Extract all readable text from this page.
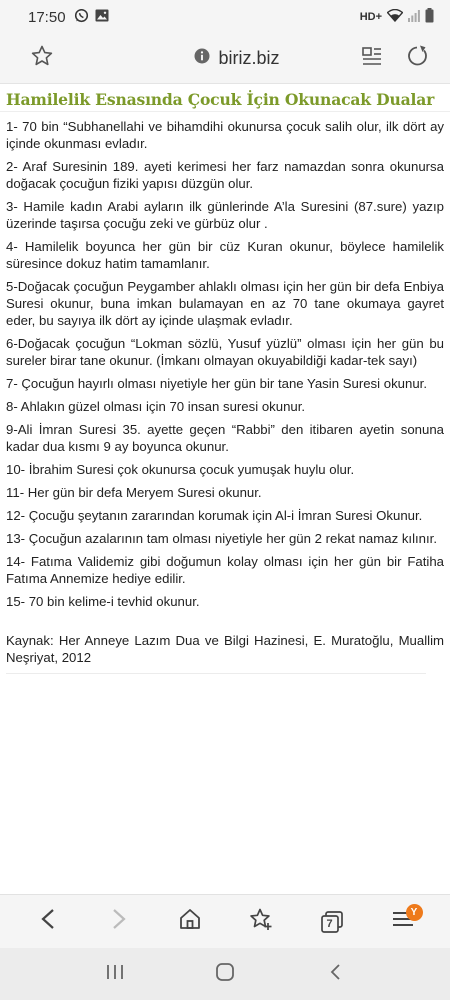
17:50	HD+
biriz.biz
Hamilelik Esnasında Çocuk İçin Okunacak Dualar

1- 70 bin “Subhanellahi ve bihamdihi okunursa çocuk salih olur, ilk dört ay içinde okunması evladır.

2- Araf Suresinin 189. ayeti kerimesi her farz namazdan sonra okunursa doğacak çocuğun fiziki yapısı düzgün olur.

3- Hamile kadın Arabi ayların ilk günlerinde A’la Suresini (87.sure) yazıp üzerinde taşırsa çocuğu zeki ve gürbüz olur .

4- Hamilelik boyunca her gün bir cüz Kuran okunur, böylece hamilelik süresince dokuz hatim tamamlanır.

5-Doğacak çocuğun Peygamber ahlaklı olması için her gün bir defa Enbiya Suresi okunur, buna imkan bulamayan en az 70 tane okumaya gayret eder, bu sayıya ilk dört ay içinde ulaşmak evladır.

6-Doğacak çocuğun “Lokman sözlü, Yusuf yüzlü” olması için her gün bu sureler birar tane okunur. (İmkanı olmayan okuyabildiği kadar-tek sayı)

7- Çocuğun hayırlı olması niyetiyle her gün bir tane Yasin Suresi okunur.

8- Ahlakın güzel olması için 70 insan suresi okunur.

9-Ali İmran Suresi 35. ayette geçen “Rabbi” den itibaren ayetin sonuna kadar dua kısmı 9 ay boyunca okunur.

10- İbrahim Suresi çok okunursa çocuk yumuşak huylu olur.

11- Her gün bir defa Meryem Suresi okunur.

12- Çocuğu şeytanın zararından korumak için Al-i İmran Suresi Okunur.

13- Çocuğun azalarının tam olması niyetiyle her gün 2 rekat namaz kılınır.

14- Fatıma Validemiz gibi doğumun kolay olması için her gün bir Fatiha Fatıma Annemize hediye edilir.

15- 70 bin kelime-i tevhid okunur.

Kaynak: Her Anneye Lazım Dua ve Bilgi Hazinesi, E. Muratoğlu, Muallim Neşriyat, 2012

7
Y
